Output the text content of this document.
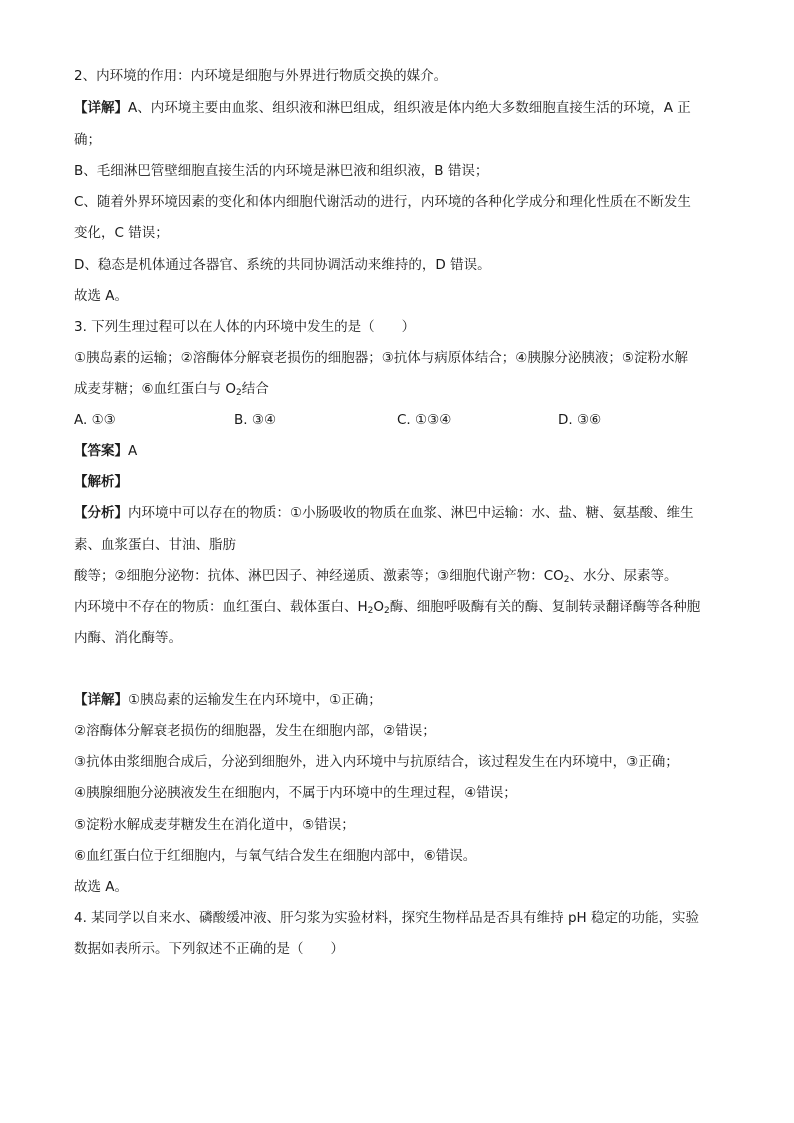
2、内环境的作用：内环境是细胞与外界进行物质交换的媒介。
【详解】A、内环境主要由血浆、组织液和淋巴组成，组织液是体内绝大多数细胞直接生活的环境，A 正
确；
B、毛细淋巴管壁细胞直接生活的内环境是淋巴液和组织液，B 错误；
C、随着外界环境因素的变化和体内细胞代谢活动的进行，内环境的各种化学成分和理化性质在不断发生
变化，C 错误；
D、稳态是机体通过各器官、系统的共同协调活动来维持的，D 错误。
故选 A。
3. 下列生理过程可以在人体的内环境中发生的是（　　）
①胰岛素的运输；②溶酶体分解衰老损伤的细胞器；③抗体与病原体结合；④胰腺分泌胰液；⑤淀粉水解
成麦芽糖；⑥血红蛋白与 $O_2$结合
A. ①③	B. ③④	C. ①③④	D. ③⑥
【答案】A
【解析】
【分析】内环境中可以存在的物质：①小肠吸收的物质在血浆、淋巴中运输：水、盐、糖、氨基酸、维生
素、血浆蛋白、甘油、脂肪
酸等；②细胞分泌物：抗体、淋巴因子、神经递质、激素等；③细胞代谢产物：$CO_2$、水分、尿素等。
内环境中不存在的物质：血红蛋白、载体蛋白、$H_2O_2$酶、细胞呼吸酶有关的酶、复制转录翻译酶等各种胞
内酶、消化酶等。
【详解】①胰岛素的运输发生在内环境中，①正确；
②溶酶体分解衰老损伤的细胞器，发生在细胞内部，②错误；
③抗体由浆细胞合成后，分泌到细胞外，进入内环境中与抗原结合，该过程发生在内环境中，③正确；
④胰腺细胞分泌胰液发生在细胞内，不属于内环境中的生理过程，④错误；
⑤淀粉水解成麦芽糖发生在消化道中，⑤错误；
⑥血红蛋白位于红细胞内，与氧气结合发生在细胞内部中，⑥错误。
故选 A。
4. 某同学以自来水、磷酸缓冲液、肝匀浆为实验材料，探究生物样品是否具有维持 pH 稳定的功能，实验
数据如表所示。下列叙述不正确的是（　　）
